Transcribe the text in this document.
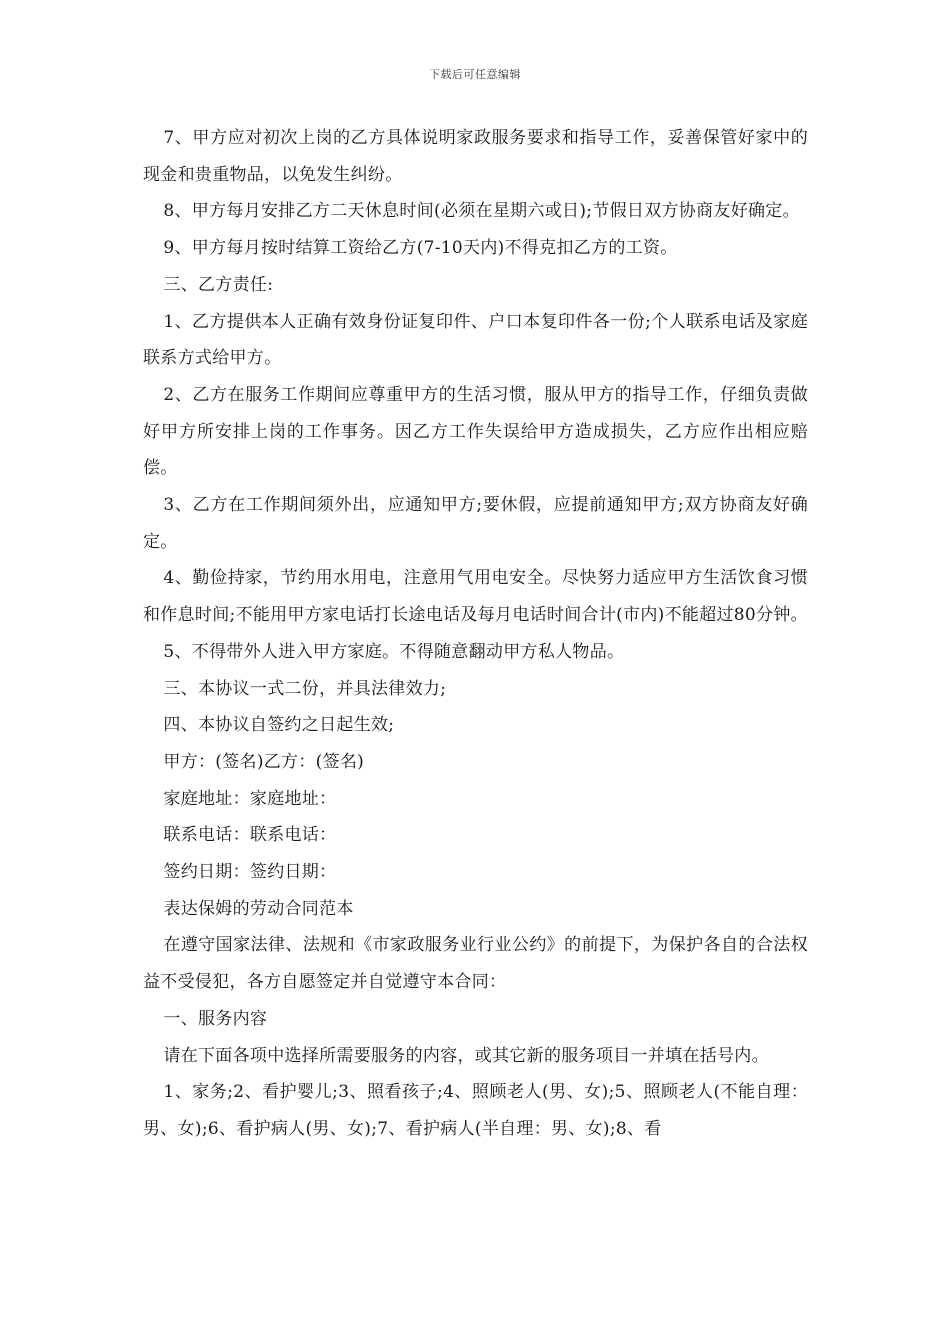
下载后可任意编辑

7、甲方应对初次上岗的乙方具体说明家政服务要求和指导工作，妥善保管好家中的现金和贵重物品，以免发生纠纷。

8、甲方每月安排乙方二天休息时间(必须在星期六或日);节假日双方协商友好确定。

9、甲方每月按时结算工资给乙方(7-10天内)不得克扣乙方的工资。

三、乙方责任:

1、乙方提供本人正确有效身份证复印件、户口本复印件各一份;个人联系电话及家庭联系方式给甲方。

2、乙方在服务工作期间应尊重甲方的生活习惯，服从甲方的指导工作，仔细负责做好甲方所安排上岗的工作事务。因乙方工作失误给甲方造成损失，乙方应作出相应赔偿。

3、乙方在工作期间须外出，应通知甲方;要休假，应提前通知甲方;双方协商友好确定。

4、勤俭持家，节约用水用电，注意用气用电安全。尽快努力适应甲方生活饮食习惯和作息时间;不能用甲方家电话打长途电话及每月电话时间合计(市内)不能超过80分钟。

5、不得带外人进入甲方家庭。不得随意翻动甲方私人物品。

三、本协议一式二份，并具法律效力;

四、本协议自签约之日起生效;

甲方：(签名)乙方：(签名)

家庭地址：家庭地址：

联系电话：联系电话：

签约日期：签约日期：

表达保姆的劳动合同范本

在遵守国家法律、法规和《市家政服务业行业公约》的前提下，为保护各自的合法权益不受侵犯，各方自愿签定并自觉遵守本合同：

一、服务内容

请在下面各项中选择所需要服务的内容，或其它新的服务项目一并填在括号内。

1、家务;2、看护婴儿;3、照看孩子;4、照顾老人(男、女);5、照顾老人(不能自理：男、女);6、看护病人(男、女);7、看护病人(半自理：男、女);8、看
